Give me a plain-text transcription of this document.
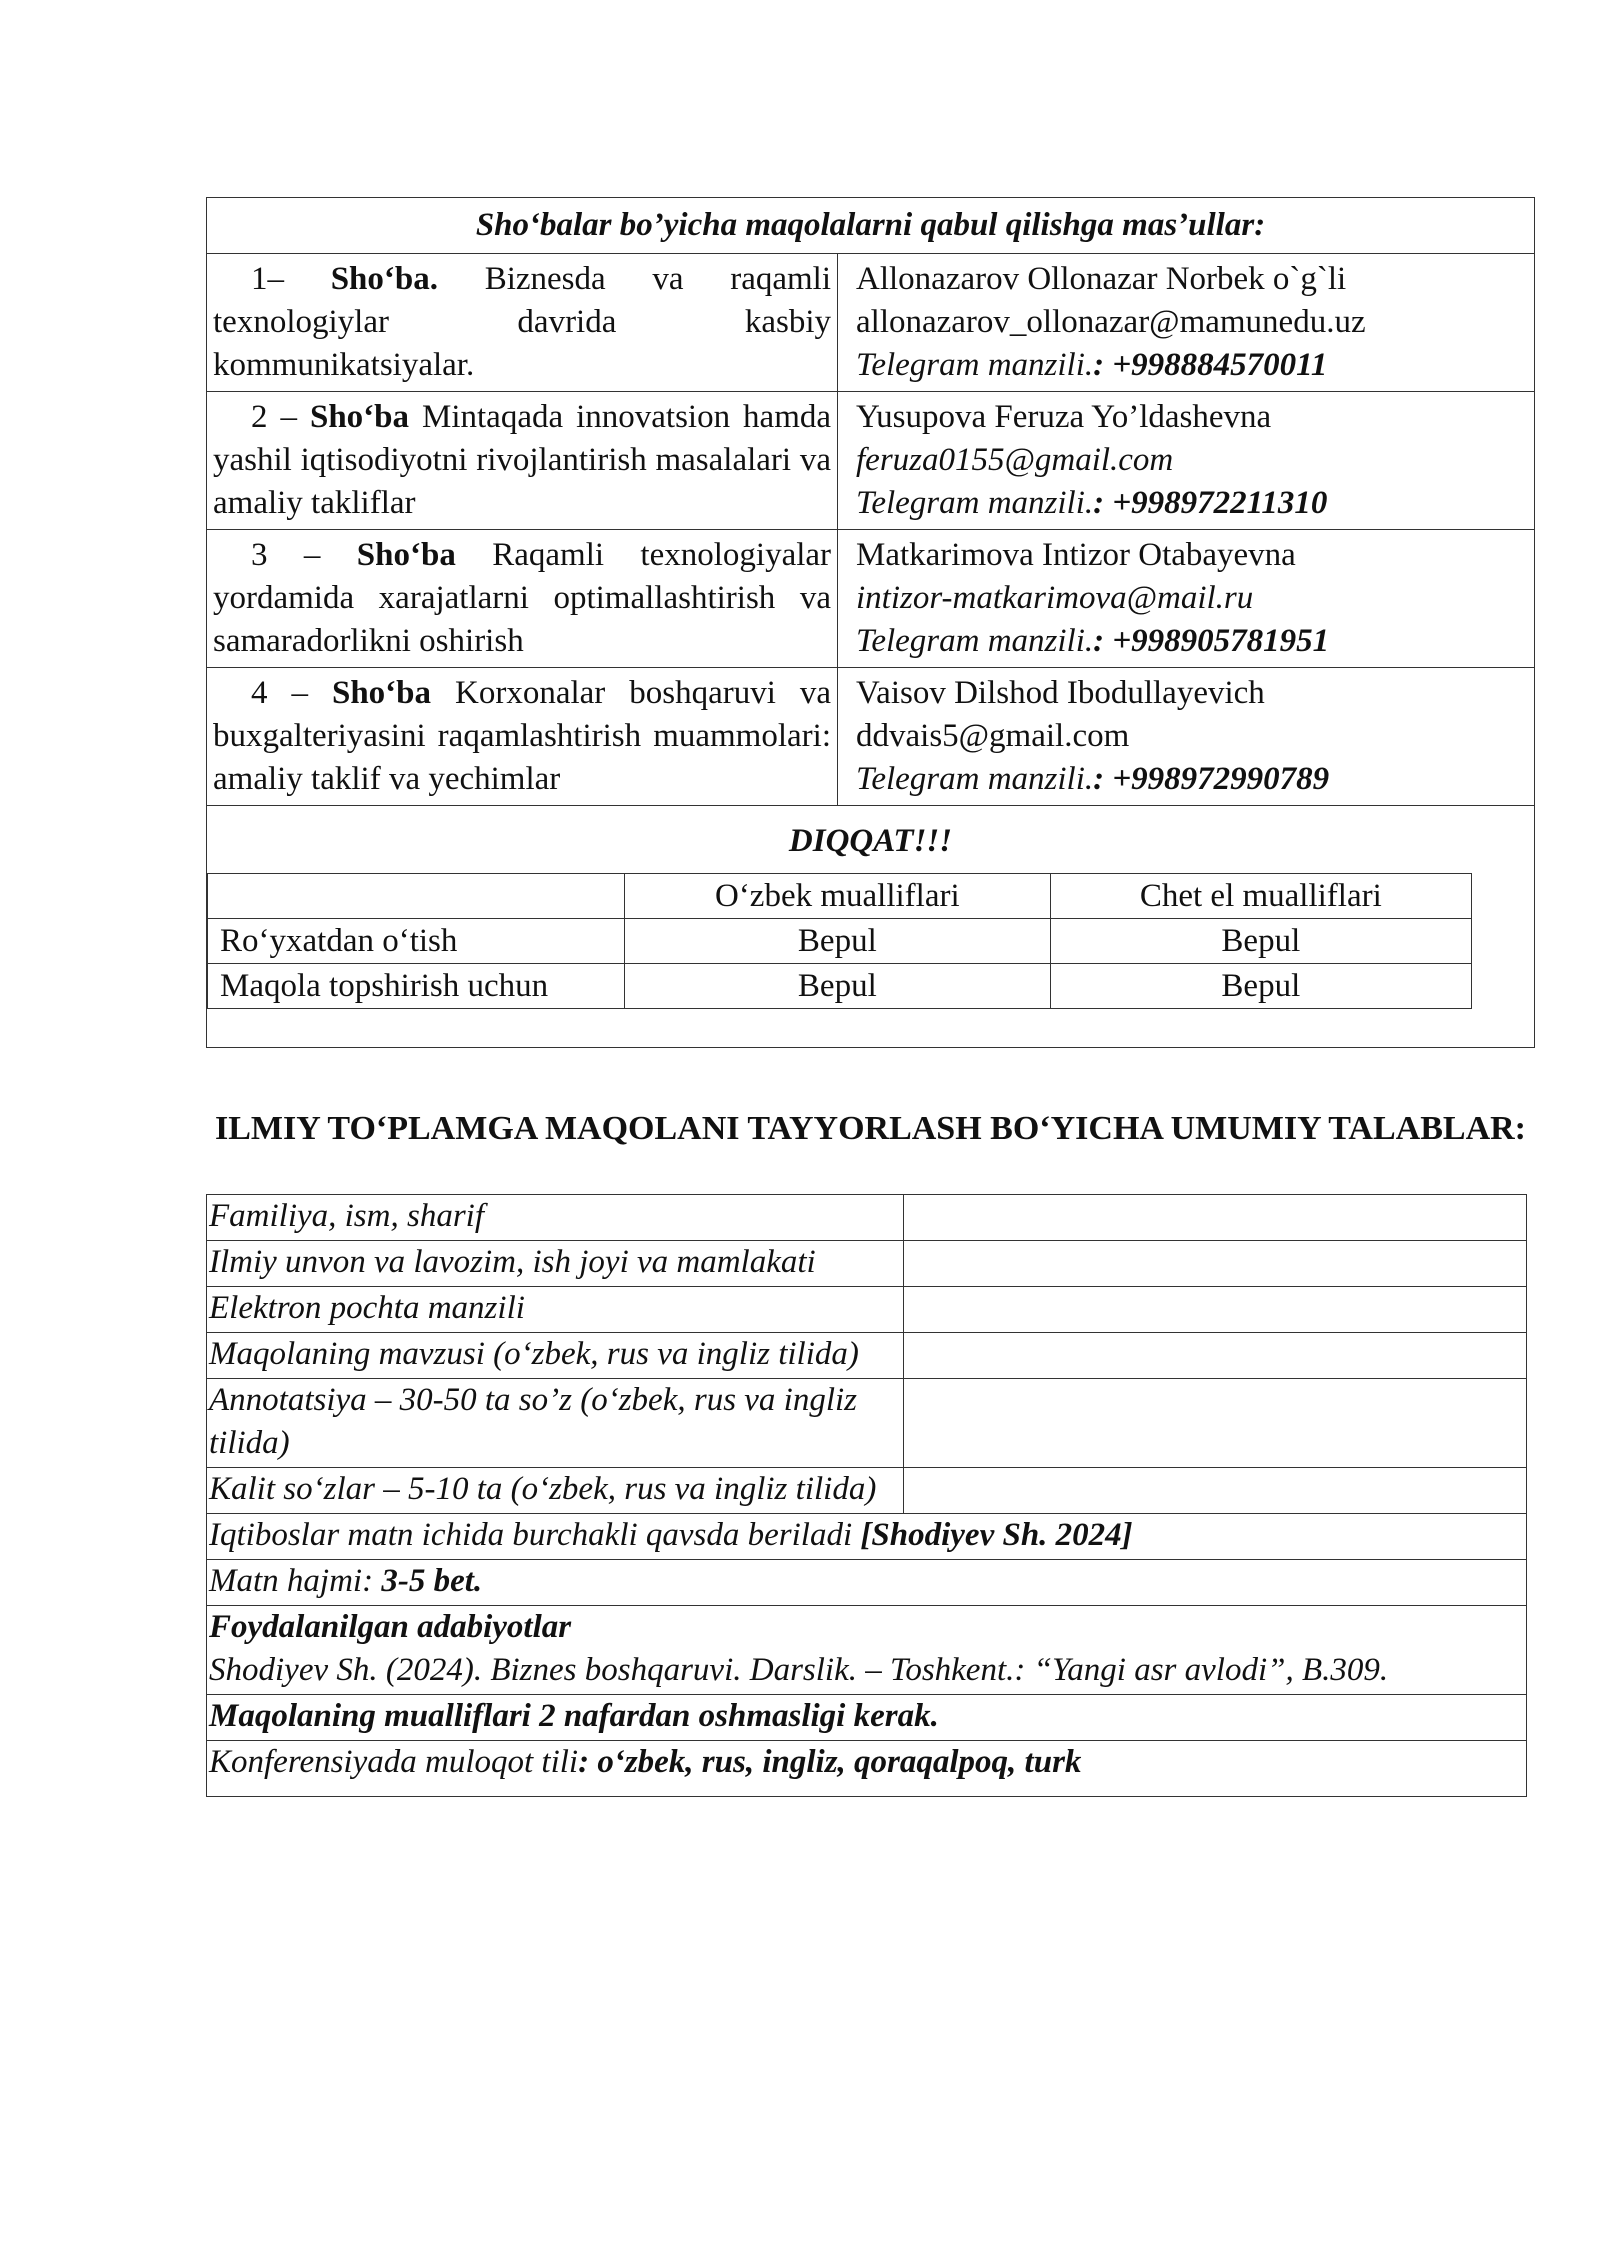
Sho‘balar bo’yicha maqolalarni qabul qilishga mas’ullar:
1– Sho‘ba. Biznesda va raqamli texnologiylar davrida kasbiy kommunikatsiyalar.	
Allonazarov Ollonazar Norbek o`g`li
allonazarov_ollonazar@mamunedu.uz
Telegram manzili.: +998884570011

2 – Sho‘ba Mintaqada innovatsion hamda yashil iqtisodiyotni rivojlantirish masalalari va amaliy takliflar	
Yusupova Feruza Yo’ldashevna
feruza0155@gmail.com
Telegram manzili.: +998972211310

3 – Sho‘ba Raqamli texnologiyalar yordamida xarajatlarni optimallashtirish va samaradorlikni oshirish	
Matkarimova Intizor Otabayevna
intizor-matkarimova@mail.ru
Telegram manzili.: +998905781951

4 – Sho‘ba Korxonalar boshqaruvi va buxgalteriyasini raqamlashtirish muammolari: amaliy taklif va yechimlar	
Vaisov Dilshod Ibodullayevich
ddvais5@gmail.com
Telegram manzili.: +998972990789

DIQQAT!!!
	O‘zbek mualliflari	Chet el mualliflari
Ro‘yxatdan o‘tish	Bepul	Bepul
Maqola topshirish uchun	Bepul	Bepul
ILMIY TO‘PLAMGA MAQOLANI TAYYORLASH BO‘YICHA UMUMIY TALABLAR:
Familiya, ism, sharif	
Ilmiy unvon va lavozim, ish joyi va mamlakati	
Elektron pochta manzili	
Maqolaning mavzusi (o‘zbek, rus va ingliz tilida)	
Annotatsiya – 30-50 ta so’z (o‘zbek, rus va ingliz tilida)	
Kalit so‘zlar – 5-10 ta (o‘zbek, rus va ingliz tilida)	
Iqtiboslar matn ichida burchakli qavsda beriladi [Shodiyev Sh. 2024]	
Matn hajmi: 3-5 bet.	

Foydalanilgan adabiyotlar
Shodiyev Sh. (2024). Biznes boshqaruvi. Darslik. – Toshkent.: “Yangi asr avlodi”, B.309.	

Maqolaning mualliflari 2 nafardan oshmasligi kerak.	
Konferensiyada muloqot tili: o‘zbek, rus, ingliz, qoraqalpoq, turk	
